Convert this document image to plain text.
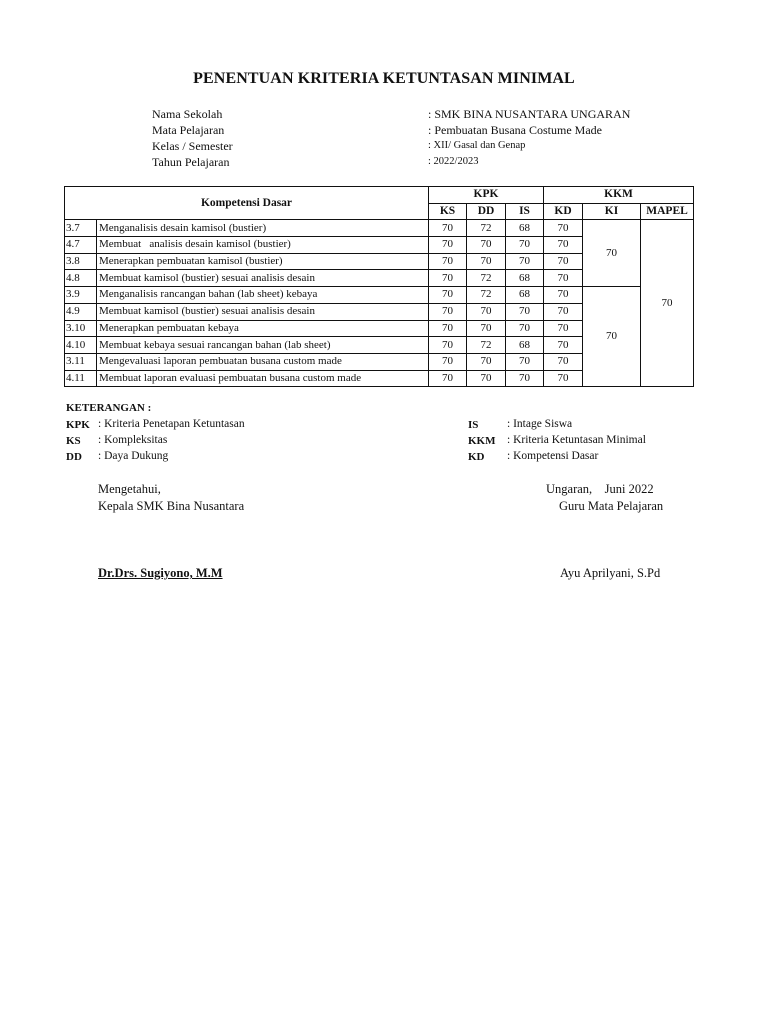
PENENTUAN KRITERIA KETUNTASAN MINIMAL
Nama Sekolah	: SMK BINA NUSANTARA UNGARAN
Mata Pelajaran	: Pembuatan Busana Costume Made
Kelas / Semester	: XII/ Gasal dan Genap
Tahun Pelajaran	: 2022/2023
Kompetensi Dasar		KPK			KKM		
		KS	DD	IS	KD	KI	MAPEL
3.7	Menganalisis desain kamisol (bustier)	70	72	68	70	70	70
4.7	Membuat   analisis desain kamisol (bustier)	70	70	70	70		
3.8	Menerapkan pembuatan kamisol (bustier)	70	70	70	70		
4.8	Membuat kamisol (bustier) sesuai analisis desain	70	72	68	70		
3.9	Menganalisis rancangan bahan (lab sheet) kebaya	70	72	68	70	70	
4.9	Membuat kamisol (bustier) sesuai analisis desain	70	70	70	70		
3.10	Menerapkan pembuatan kebaya	70	70	70	70		
4.10	Membuat kebaya sesuai rancangan bahan (lab sheet)	70	72	68	70		
3.11	Mengevaluasi laporan pembuatan busana custom made	70	70	70	70		
4.11	Membuat laporan evaluasi pembuatan busana custom made	70	70	70	70		
KETERANGAN :
KPK : Kriteria Penetapan Ketuntasan
KS : Kompleksitas
DD : Daya Dukung
IS : Intage Siswa
KKM : Kriteria Ketuntasan Minimal
KD : Kompetensi Dasar
Mengetahui,
Kepala SMK Bina Nusantara
Dr.Drs. Sugiyono, M.M
Ungaran,    Juni 2022
Guru Mata Pelajaran
Ayu Aprilyani, S.Pd
